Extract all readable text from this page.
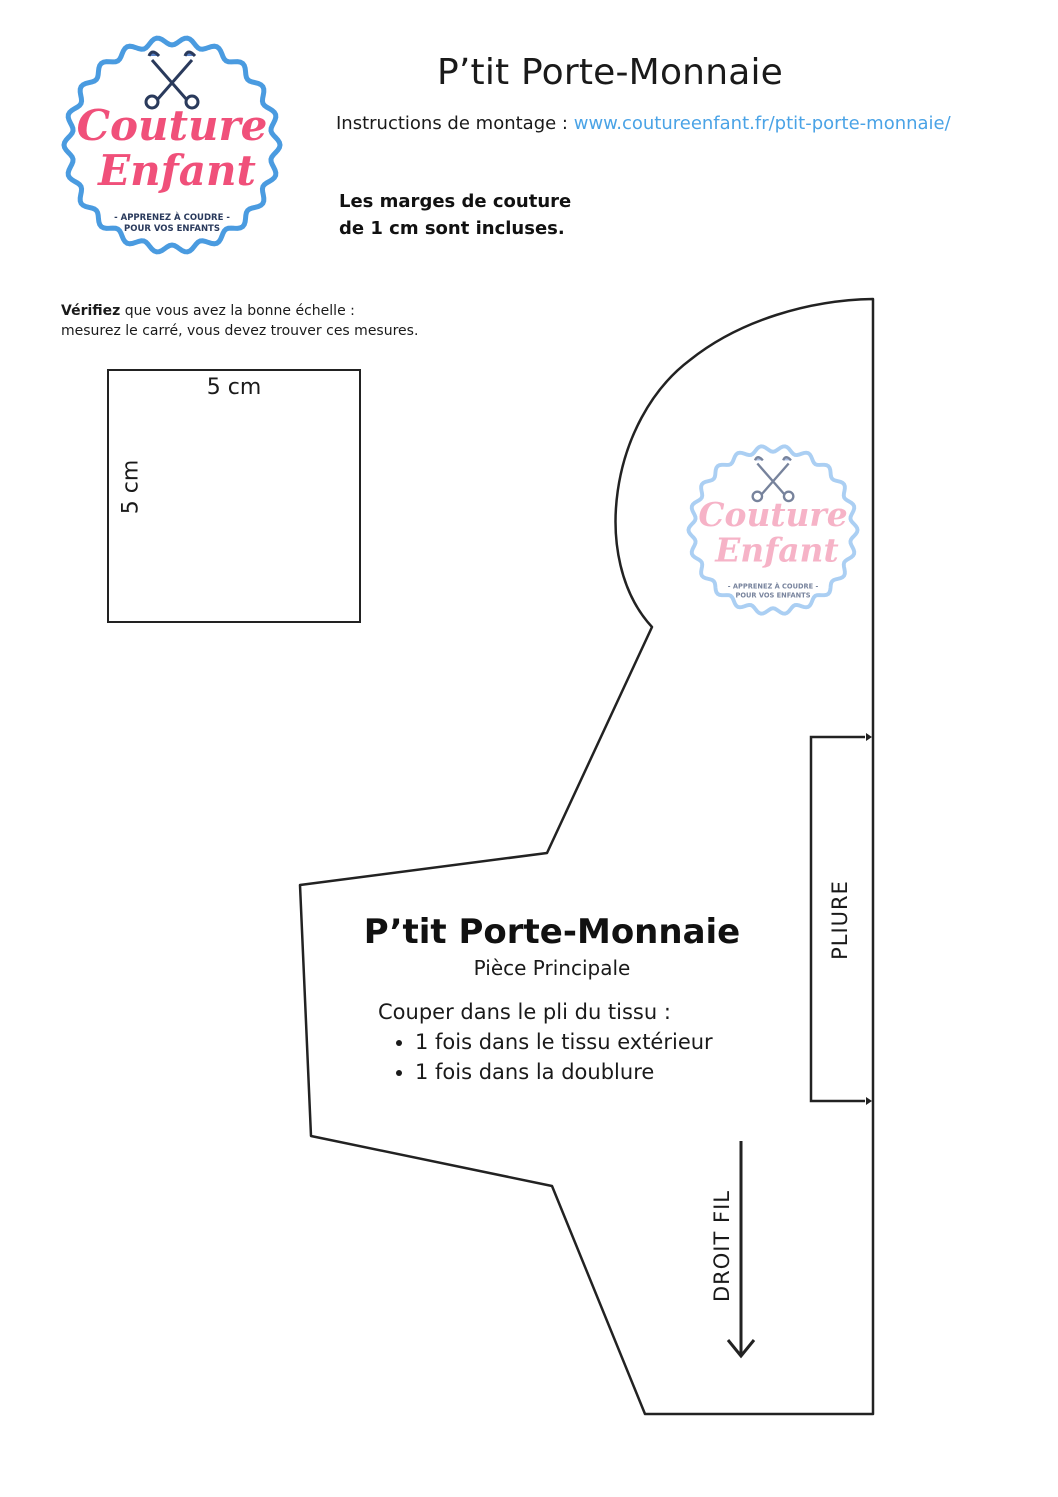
Couture
Enfant
- APPRENEZ À COUDRE -
POUR VOS ENFANTS
P’tit Porte-Monnaie
Instructions de montage : www.coutureenfant.fr/ptit-porte-monnaie/
Les marges de couture
de 1 cm sont incluses.
Vérifiez que vous avez la bonne échelle :
mesurez le carré, vous devez trouver ces mesures.
5 cm
5 cm
Couture
Enfant
- APPRENEZ À COUDRE -
POUR VOS ENFANTS
P’tit Porte-Monnaie
Pièce Principale
Couper dans le pli du tissu :
• 1 fois dans le tissu extérieur
• 1 fois dans la doublure
PLIURE
DROIT FIL
